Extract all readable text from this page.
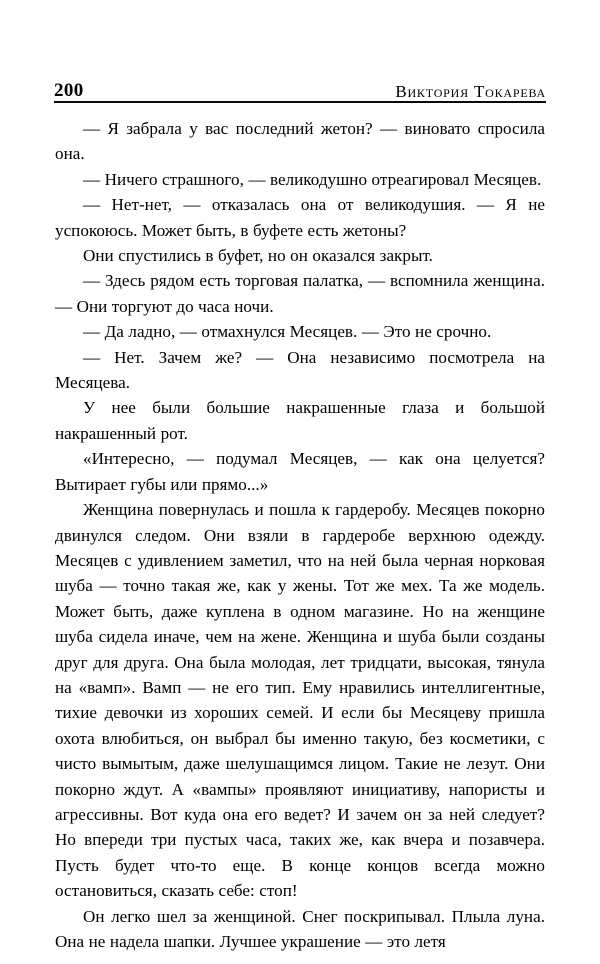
200	Виктория Токарева

— Я забрала у вас последний жетон? — виновато спросила она.

— Ничего страшного, — великодушно отреагировал Месяцев.

— Нет-нет, — отказалась она от великодушия. — Я не успокоюсь. Может быть, в буфете есть жетоны?

Они спустились в буфет, но он оказался закрыт.

— Здесь рядом есть торговая палатка, — вспомнила женщина. — Они торгуют до часа ночи.

— Да ладно, — отмахнулся Месяцев. — Это не срочно.

— Нет. Зачем же? — Она независимо посмотрела на Месяцева.

У нее были большие накрашенные глаза и большой накрашенный рот.

«Интересно, — подумал Месяцев, — как она целуется? Вытирает губы или прямо...»

Женщина повернулась и пошла к гардеробу. Месяцев покорно двинулся следом. Они взяли в гардеробе верхнюю одежду. Месяцев с удивлением заметил, что на ней была черная норковая шуба — точно такая же, как у жены. Тот же мех. Та же модель. Может быть, даже куплена в одном магазине. Но на женщине шуба сидела иначе, чем на жене. Женщина и шуба были созданы друг для друга. Она была молодая, лет тридцати, высокая, тянула на «вамп». Вамп — не его тип. Ему нравились интеллигентные, тихие девочки из хороших семей. И если бы Месяцеву пришла охота влюбиться, он выбрал бы именно такую, без косметики, с чисто вымытым, даже шелушащимся лицом. Такие не лезут. Они покорно ждут. А «вампы» проявляют инициативу, напористы и агрессивны. Вот куда она его ведет? И зачем он за ней следует? Но впереди три пустых часа, таких же, как вчера и позавчера. Пусть будет что-то еще. В конце концов всегда можно остановиться, сказать себе: стоп!

Он легко шел за женщиной. Снег поскрипывал. Плыла луна. Она не надела шапки. Лучшее украшение — это летя
